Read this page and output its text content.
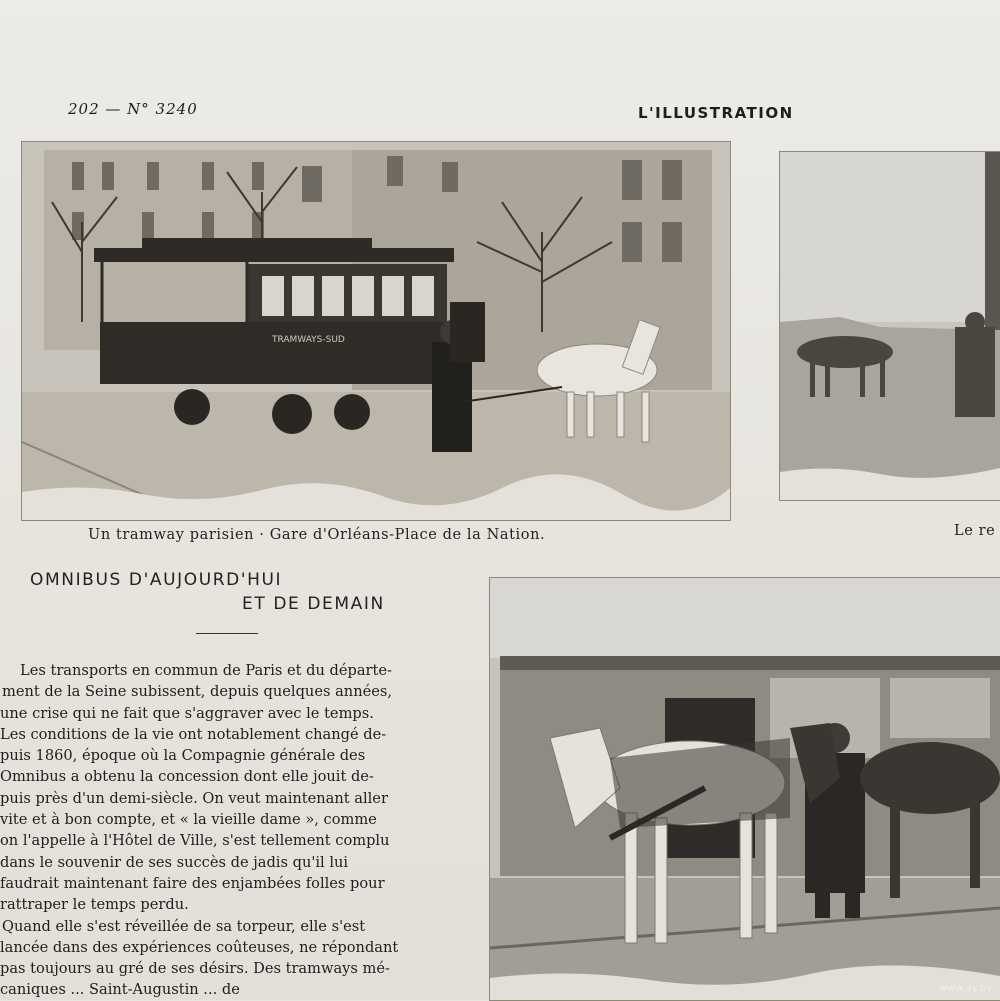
202 — N° 3240	L'ILLUSTRATION
TRAMWAYS-SUD
Un tramway parisien · Gare d'Orléans-Place de la Nation.	Le re
OMNIBUS D'AUJOURD'HUI
ET DE DEMAIN
Les transports en commun de Paris et du départe-
ment de la Seine subissent, depuis quelques années,
une crise qui ne fait que s'aggraver avec le temps.
Les conditions de la vie ont notablement changé de-
puis 1860, époque où la Compagnie générale des
Omnibus a obtenu la concession dont elle jouit de-
puis près d'un demi-siècle. On veut maintenant aller
vite et à bon compte, et « la vieille dame », comme
on l'appelle à l'Hôtel de Ville, s'est tellement complu
dans le souvenir de ses succès de jadis qu'il lui
faudrait maintenant faire des enjambées folles pour
rattraper le temps perdu.
Quand elle s'est réveillée de sa torpeur, elle s'est
lancée dans des expériences coûteuses, ne répondant
pas toujours au gré de ses désirs. Des tramways mé-
caniques ... Saint-Augustin ... de	www.ay.by
